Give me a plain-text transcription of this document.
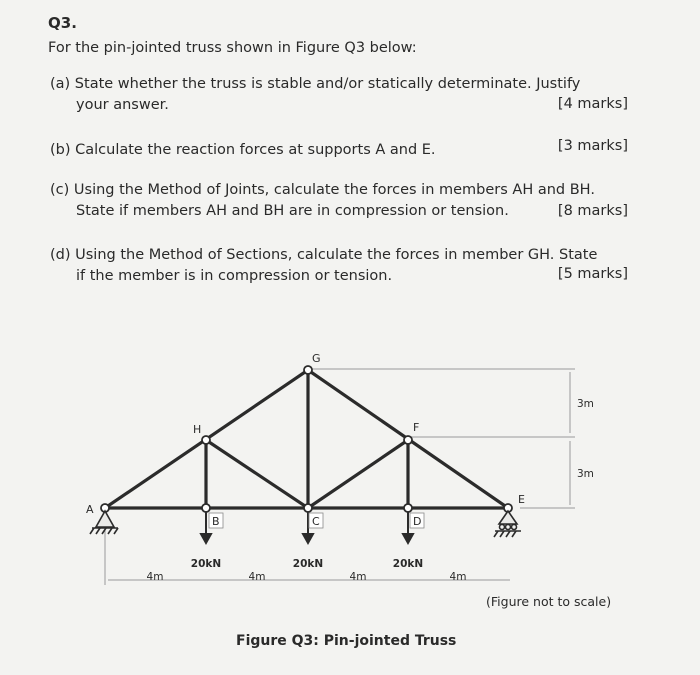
Q3.
For the pin-jointed truss shown in Figure Q3 below:
(a) State whether the truss is stable and/or statically determinate. Justify
your answer.	[4 marks]
(b) Calculate the reaction forces at supports A and E.	[3 marks]
(c) Using the Method of Joints, calculate the forces in members AH and BH.
State if members AH and BH are in compression or tension.	[8 marks]
(d) Using the Method of Sections, calculate the forces in member GH. State
if the member is in compression or tension.	[5 marks]
A
B	C	D
E
F
G
H
20kN	20kN	20kN
4m	4m	4m	4m
3m
3m
(Figure not to scale)
Figure Q3: Pin-jointed Truss
